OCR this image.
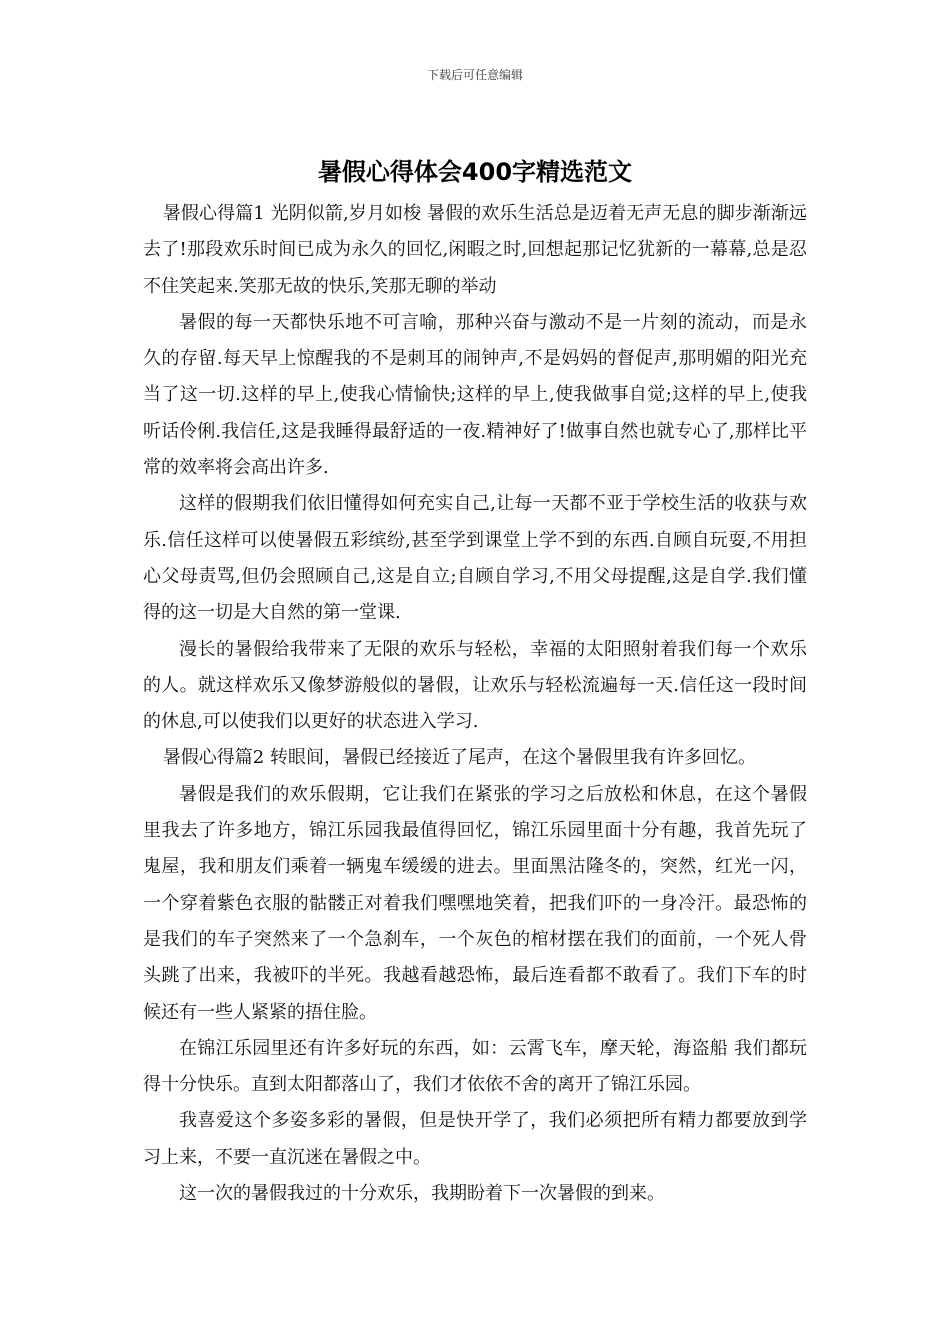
下载后可任意编辑
暑假心得体会400字精选范文

暑假心得篇1 光阴似箭,岁月如梭 暑假的欢乐生活总是迈着无声无息的脚步渐渐远去了!那段欢乐时间已成为永久的回忆,闲暇之时,回想起那记忆犹新的一幕幕,总是忍不住笑起来.笑那无故的快乐,笑那无聊的举动

暑假的每一天都快乐地不可言喻，那种兴奋与激动不是一片刻的流动，而是永久的存留.每天早上惊醒我的不是刺耳的闹钟声,不是妈妈的督促声,那明媚的阳光充当了这一切.这样的早上,使我心情愉快;这样的早上,使我做事自觉;这样的早上,使我听话伶俐.我信任,这是我睡得最舒适的一夜.精神好了!做事自然也就专心了,那样比平常的效率将会高出许多.

这样的假期我们依旧懂得如何充实自己,让每一天都不亚于学校生活的收获与欢乐.信任这样可以使暑假五彩缤纷,甚至学到课堂上学不到的东西.自顾自玩耍,不用担心父母责骂,但仍会照顾自己,这是自立;自顾自学习,不用父母提醒,这是自学.我们懂得的这一切是大自然的第一堂课.

漫长的暑假给我带来了无限的欢乐与轻松，幸福的太阳照射着我们每一个欢乐的人。就这样欢乐又像梦游般似的暑假，让欢乐与轻松流遍每一天.信任这一段时间的休息,可以使我们以更好的状态进入学习.

暑假心得篇2 转眼间，暑假已经接近了尾声，在这个暑假里我有许多回忆。

暑假是我们的欢乐假期，它让我们在紧张的学习之后放松和休息，在这个暑假里我去了许多地方，锦江乐园我最值得回忆，锦江乐园里面十分有趣，我首先玩了鬼屋，我和朋友们乘着一辆鬼车缓缓的进去。里面黑沽隆冬的，突然，红光一闪，一个穿着紫色衣服的骷髅正对着我们嘿嘿地笑着，把我们吓的一身冷汗。最恐怖的是我们的车子突然来了一个急刹车，一个灰色的棺材摆在我们的面前，一个死人骨头跳了出来，我被吓的半死。我越看越恐怖，最后连看都不敢看了。我们下车的时候还有一些人紧紧的捂住脸。

在锦江乐园里还有许多好玩的东西，如：云霄飞车，摩天轮，海盗船 我们都玩得十分快乐。直到太阳都落山了，我们才依依不舍的离开了锦江乐园。

我喜爱这个多姿多彩的暑假，但是快开学了，我们必须把所有精力都要放到学习上来，不要一直沉迷在暑假之中。

这一次的暑假我过的十分欢乐，我期盼着下一次暑假的到来。
